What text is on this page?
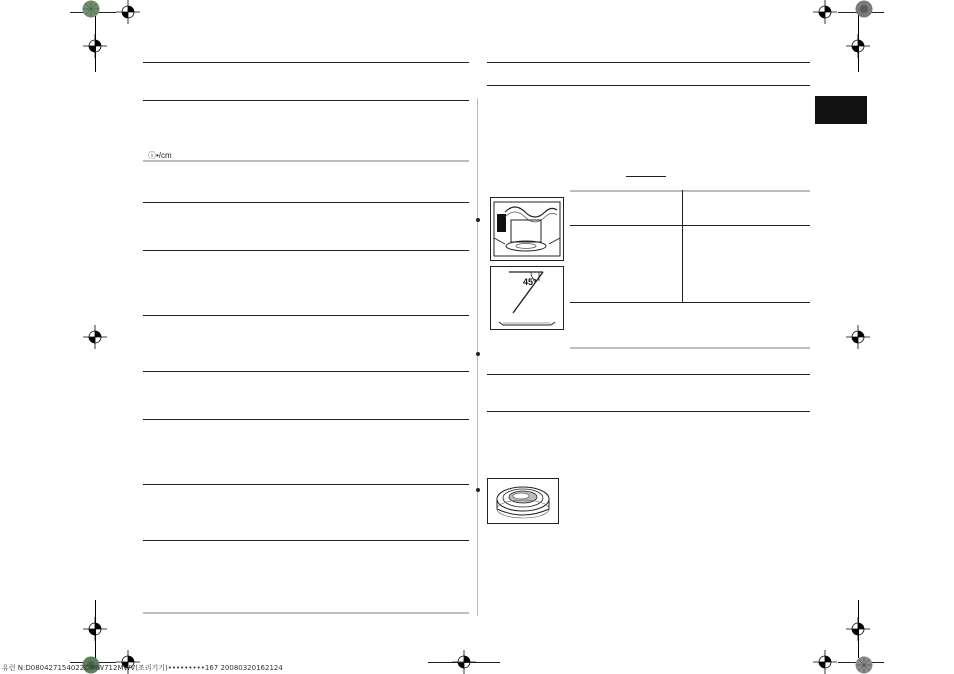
ⓘ•/cm
45°
유런 N:D080427154022CIMW712MWV(조리기기)•••••••••167 20080320162124
